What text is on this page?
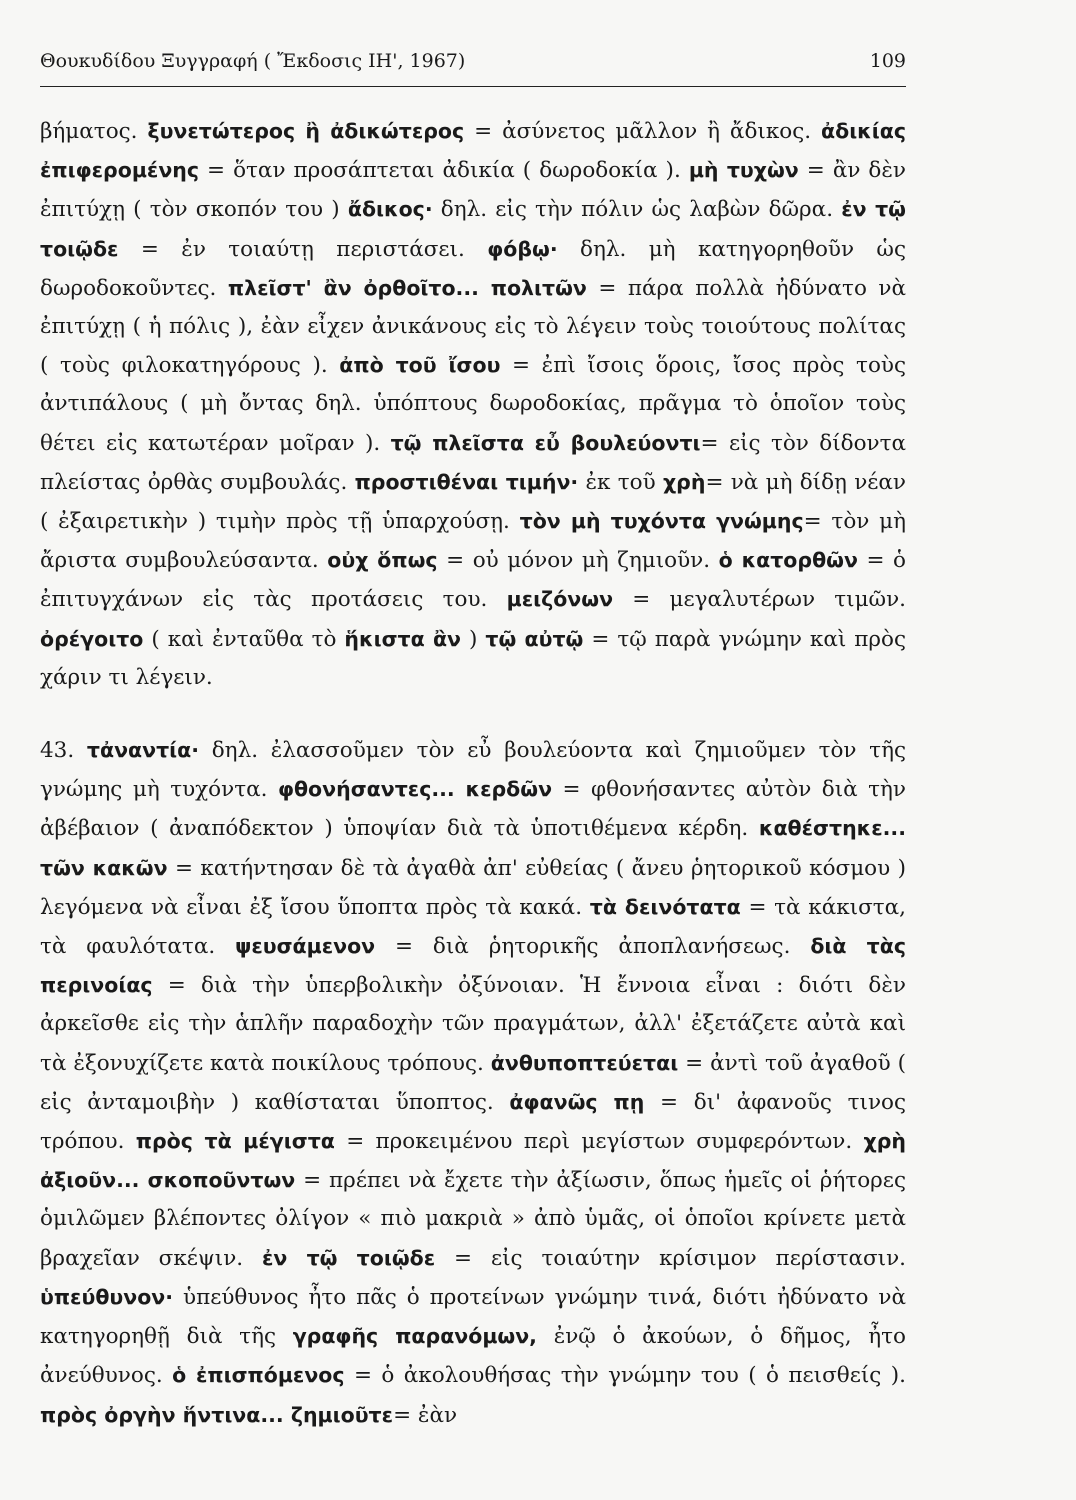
Θουκυδίδου Ξυγγραφή ( Ἔκδοσις ΙΗ', 1967)	109

βήματος. ξυνετώτερος ἢ ἀδικώτερος = ἀσύνετος μᾶλλον ἢ ἄδικος. ἀδικίας ἐπιφερομένης = ὅταν προσάπτεται ἀδικία ( δωροδοκία ). μὴ τυχὼν = ἂν δὲν ἐπιτύχῃ ( τὸν σκοπόν του ) ἄδικος· δηλ. εἰς τὴν πόλιν ὡς λαβὼν δῶρα. ἐν τῷ τοιῷδε = ἐν τοιαύτῃ περιστάσει. φόβῳ· δηλ. μὴ κατηγορηθοῦν ὡς δωροδοκοῦντες. πλεῖστ' ἂν ὀρθοῖτο... πολιτῶν = πάρα πολλὰ ἠδύνατο νὰ ἐπιτύχῃ ( ἡ πόλις ), ἐὰν εἶχεν ἀνικάνους εἰς τὸ λέγειν τοὺς τοιούτους πολίτας ( τοὺς φιλοκατηγόρους ). ἀπὸ τοῦ ἴσου = ἐπὶ ἴσοις ὅροις, ἴσος πρὸς τοὺς ἀντιπάλους ( μὴ ὄντας δηλ. ὑπόπτους δωροδοκίας, πρᾶγμα τὸ ὁποῖον τοὺς θέτει εἰς κατωτέραν μοῖραν ). τῷ πλεῖστα εὖ βουλεύοντι= εἰς τὸν δίδοντα πλείστας ὀρθὰς συμβουλάς. προστιθέναι τιμήν· ἐκ τοῦ χρὴ= νὰ μὴ δίδῃ νέαν ( ἐξαιρετικὴν ) τιμὴν πρὸς τῇ ὑπαρχούσῃ. τὸν μὴ τυχόντα γνώμης= τὸν μὴ ἄριστα συμβουλεύσαντα. οὐχ ὅπως = οὐ μόνον μὴ ζημιοῦν. ὁ κατορθῶν = ὁ ἐπιτυγχάνων εἰς τὰς προτάσεις του. μειζόνων = μεγαλυτέρων τιμῶν. ὀρέγοιτο ( καὶ ἐνταῦθα τὸ ἥκιστα ἂν ) τῷ αὐτῷ = τῷ παρὰ γνώμην καὶ πρὸς χάριν τι λέγειν.

43. τἀναντία· δηλ. ἐλασσοῦμεν τὸν εὖ βουλεύοντα καὶ ζημιοῦμεν τὸν τῆς γνώμης μὴ τυχόντα. φθονήσαντες... κερδῶν = φθονήσαντες αὐτὸν διὰ τὴν ἀβέβαιον ( ἀναπόδεκτον ) ὑποψίαν διὰ τὰ ὑποτιθέμενα κέρδη. καθέστηκε... τῶν κακῶν = κατήντησαν δὲ τὰ ἀγαθὰ ἀπ' εὐθείας ( ἄνευ ῥητορικοῦ κόσμου ) λεγόμενα νὰ εἶναι ἐξ ἴσου ὕποπτα πρὸς τὰ κακά. τὰ δεινότατα = τὰ κάκιστα, τὰ φαυλότατα. ψευσάμενον = διὰ ῥητορικῆς ἀποπλανήσεως. διὰ τὰς περινοίας = διὰ τὴν ὑπερβολικὴν ὀξύνοιαν. Ἡ ἔννοια εἶναι : διότι δὲν ἀρκεῖσθε εἰς τὴν ἁπλῆν παραδοχὴν τῶν πραγμάτων, ἀλλ' ἐξετάζετε αὐτὰ καὶ τὰ ἐξονυχίζετε κατὰ ποικίλους τρόπους. ἀνθυποπτεύεται = ἀντὶ τοῦ ἀγαθοῦ ( εἰς ἀνταμοιβὴν ) καθίσταται ὕποπτος. ἀφανῶς πῃ = δι' ἀφανοῦς τινος τρόπου. πρὸς τὰ μέγιστα = προκειμένου περὶ μεγίστων συμφερόντων. χρὴ ἀξιοῦν... σκοποῦντων = πρέπει νὰ ἔχετε τὴν ἀξίωσιν, ὅπως ἡμεῖς οἱ ῥήτορες ὁμιλῶμεν βλέποντες ὀλίγον « πιὸ μακριὰ » ἀπὸ ὑμᾶς, οἱ ὁποῖοι κρίνετε μετὰ βραχεῖαν σκέψιν. ἐν τῷ τοιῷδε = εἰς τοιαύτην κρίσιμον περίστασιν. ὑπεύθυνον· ὑπεύθυνος ἦτο πᾶς ὁ προτείνων γνώμην τινά, διότι ἠδύνατο νὰ κατηγορηθῇ διὰ τῆς γραφῆς παρανόμων, ἐνῷ ὁ ἀκούων, ὁ δῆμος, ἦτο ἀνεύθυνος. ὁ ἐπισπόμενος = ὁ ἀκολουθήσας τὴν γνώμην του ( ὁ πεισθείς ). πρὸς ὀργὴν ἥντινα... ζημιοῦτε= ἐὰν
